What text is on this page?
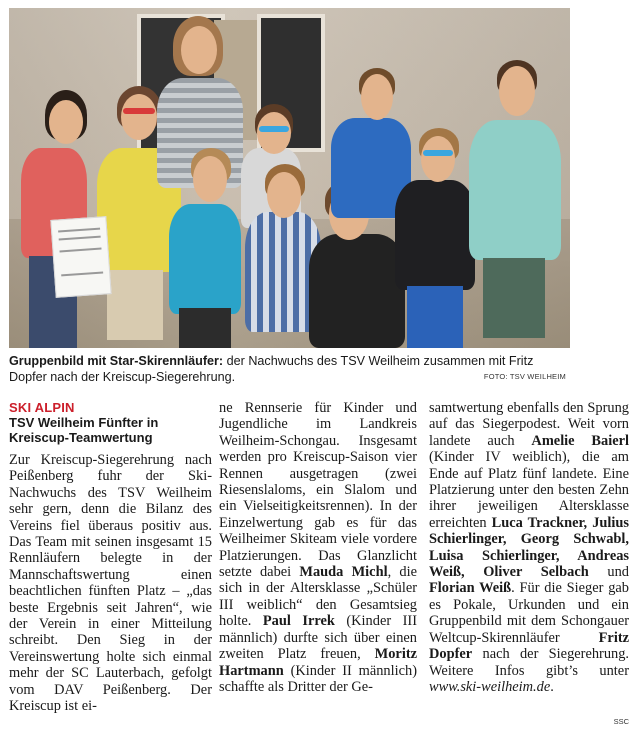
Gruppenbild mit Star-Skirennläufer: der Nachwuchs des TSV Weilheim zusammen mit Fritz Dopfer nach der Kreiscup-Siegerehrung.	FOTO: TSV WEILHEIM
SKI ALPIN
TSV Weilheim Fünfter in Kreiscup-Teamwertung

Zur Kreiscup-Siegerehrung nach Peißenberg fuhr der Ski-Nachwuchs des TSV Weilheim sehr gern, denn die Bilanz des Vereins fiel überaus positiv aus. Das Team mit seinen insgesamt 15 Rennläufern belegte in der Mannschaftswertung einen beachtlichen fünften Platz – „das beste Ergebnis seit Jahren“, wie der Verein in einer Mitteilung schreibt. Den Sieg in der Vereinswertung holte sich einmal mehr der SC Lauterbach, gefolgt vom DAV Peißenberg. Der Kreiscup ist ei-

ne Rennserie für Kinder und Jugendliche im Landkreis Weilheim-Schongau. Insgesamt werden pro Kreiscup-Saison vier Rennen ausgetragen (zwei Riesenslaloms, ein Slalom und ein Vielseitigkeitsrennen). In der Einzelwertung gab es für das Weilheimer Skiteam viele vordere Platzierungen. Das Glanzlicht setzte dabei Mauda Michl, die sich in der Altersklasse „Schüler III weiblich“ den Gesamtsieg holte. Paul Irrek (Kinder III männlich) durfte sich über einen zweiten Platz freuen, Moritz Hartmann (Kinder II männlich) schaffte als Dritter der Ge-

samtwertung ebenfalls den Sprung auf das Siegerpodest. Weit vorn landete auch Amelie Baierl (Kinder IV weiblich), die am Ende auf Platz fünf landete. Eine Platzierung unter den besten Zehn ihrer jeweiligen Altersklasse erreichten Luca Trackner, Julius Schierlinger, Georg Schwabl, Luisa Schierlinger, Andreas Weiß, Oliver Selbach und Florian Weiß. Für die Sieger gab es Pokale, Urkunden und ein Gruppenbild mit dem Schongauer Weltcup-Skirennläufer Fritz Dopfer nach der Siegerehrung. Weitere Infos gibt’s unter www.ski-weilheim.de.

SSC
